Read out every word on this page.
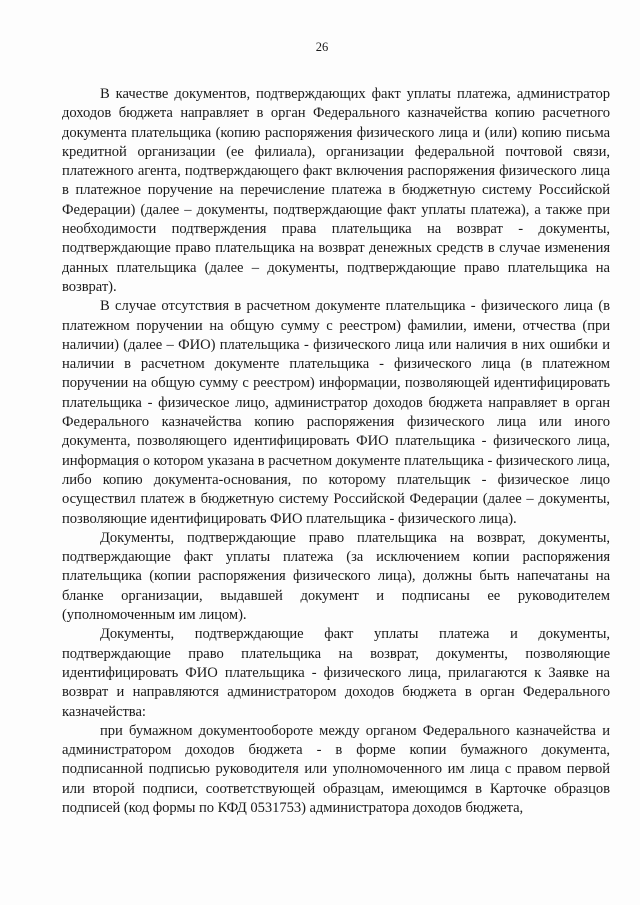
26

В качестве документов, подтверждающих факт уплаты платежа, администратор доходов бюджета направляет в орган Федерального казначейства копию расчетного документа плательщика (копию распоряжения физического лица и (или) копию письма кредитной организации (ее филиала), организации федеральной почтовой связи, платежного агента, подтверждающего факт включения распоряжения физического лица в платежное поручение на перечисление платежа в бюджетную систему Российской Федерации) (далее – документы, подтверждающие факт уплаты платежа), а также при необходимости подтверждения права плательщика на возврат - документы, подтверждающие право плательщика на возврат денежных средств в случае изменения данных плательщика (далее – документы, подтверждающие право плательщика на возврат).

В случае отсутствия в расчетном документе плательщика - физического лица (в платежном поручении на общую сумму с реестром) фамилии, имени, отчества (при наличии) (далее – ФИО) плательщика - физического лица или наличия в них ошибки и наличии в расчетном документе плательщика - физического лица (в платежном поручении на общую сумму с реестром) информации, позволяющей идентифицировать плательщика - физическое лицо, администратор доходов бюджета направляет в орган Федерального казначейства копию распоряжения физического лица или иного документа, позволяющего идентифицировать ФИО плательщика - физического лица, информация о котором указана в расчетном документе плательщика - физического лица, либо копию документа-основания, по которому плательщик - физическое лицо осуществил платеж в бюджетную систему Российской Федерации (далее – документы, позволяющие идентифицировать ФИО плательщика - физического лица).

Документы, подтверждающие право плательщика на возврат, документы, подтверждающие факт уплаты платежа (за исключением копии распоряжения плательщика (копии распоряжения физического лица), должны быть напечатаны на бланке организации, выдавшей документ и подписаны ее руководителем (уполномоченным им лицом).

Документы, подтверждающие факт уплаты платежа и документы, подтверждающие право плательщика на возврат, документы, позволяющие идентифицировать ФИО плательщика - физического лица, прилагаются к Заявке на возврат и направляются администратором доходов бюджета в орган Федерального казначейства:

при бумажном документообороте между органом Федерального казначейства и администратором доходов бюджета - в форме копии бумажного документа, подписанной подписью руководителя или уполномоченного им лица с правом первой или второй подписи, соответствующей образцам, имеющимся в Карточке образцов подписей (код формы по КФД 0531753) администратора доходов бюджета,
